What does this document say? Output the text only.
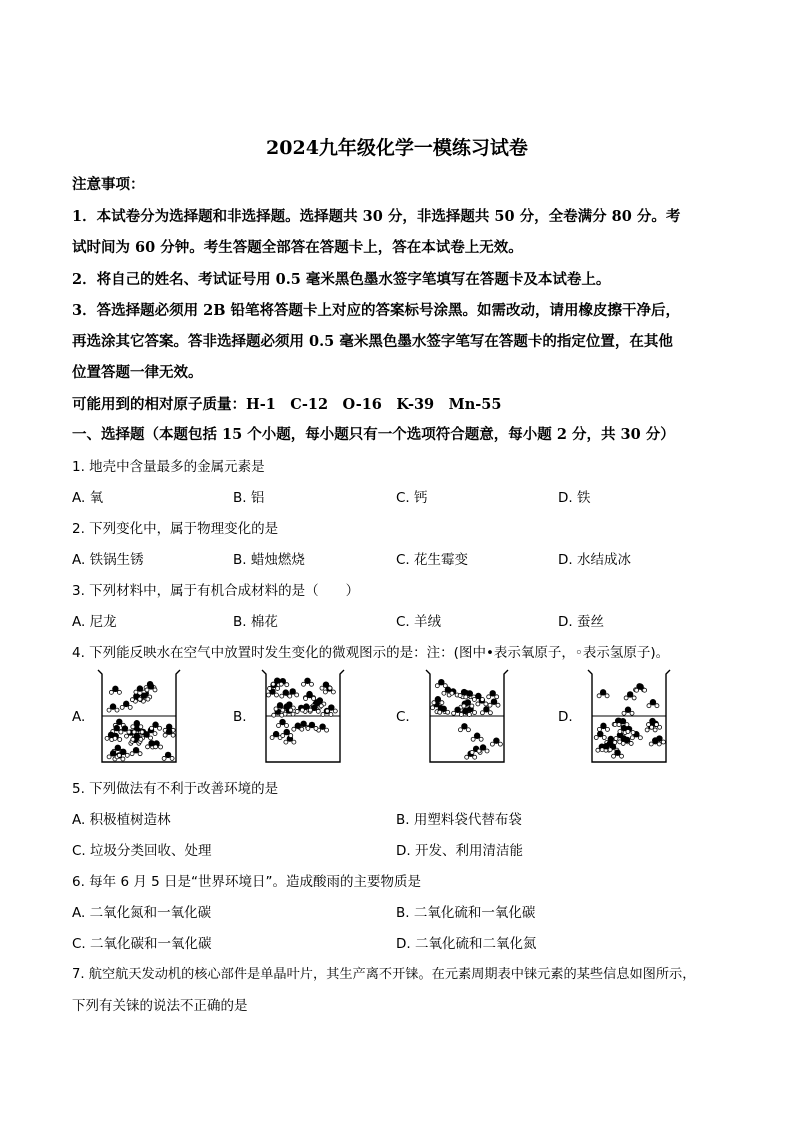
2024九年级化学一模练习试卷
注意事项：
1．本试卷分为选择题和非选择题。选择题共 30 分，非选择题共 50 分，全卷满分 80 分。考
试时间为 60 分钟。考生答题全部答在答题卡上，答在本试卷上无效。
2．将自己的姓名、考试证号用 0.5 毫米黑色墨水签字笔填写在答题卡及本试卷上。
3．答选择题必须用 2B 铅笔将答题卡上对应的答案标号涂黑。如需改动，请用橡皮擦干净后，
再选涂其它答案。答非选择题必须用 0.5 毫米黑色墨水签字笔写在答题卡的指定位置，在其他
位置答题一律无效。
可能用到的相对原子质量：H-1　C-12　O-16　K-39　Mn-55
一、选择题（本题包括 15 个小题，每小题只有一个选项符合题意，每小题 2 分，共 30 分）
1. 地壳中含量最多的金属元素是
A. 氧	B. 铝	C. 钙	D. 铁
2. 下列变化中，属于物理变化的是
A. 铁锅生锈	B. 蜡烛燃烧	C. 花生霉变	D. 水结成冰
3. 下列材料中，属于有机合成材料的是（　　）
A. 尼龙	B. 棉花	C. 羊绒	D. 蚕丝
4. 下列能反映水在空气中放置时发生变化的微观图示的是：注：(图中•表示氧原子，◦表示氢原子)。
A.	B.	C.	D.
5. 下列做法有不利于改善环境的是
A. 积极植树造林	B. 用塑料袋代替布袋
C. 垃圾分类回收、处理	D. 开发、利用清洁能
6. 每年 6 月 5 日是“世界环境日”。造成酸雨的主要物质是
A. 二氧化氮和一氧化碳	B. 二氧化硫和一氧化碳
C. 二氧化碳和一氧化碳	D. 二氧化硫和二氧化氮
7. 航空航天发动机的核心部件是单晶叶片，其生产离不开铼。在元素周期表中铼元素的某些信息如图所示，
下列有关铼的说法不正确的是
